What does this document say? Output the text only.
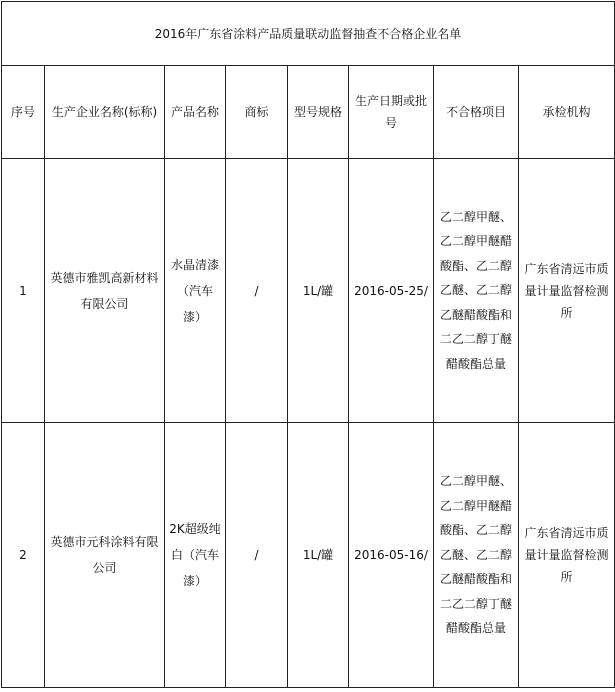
2016年广东省涂料产品质量联动监督抽查不合格企业名单							
序号	生产企业名称(标称)	产品名称	商标	型号规格	生产日期或批号	不合格项目	承检机构
1	英德市雅凯高新材料有限公司	水晶清漆（汽车漆）	/	1L/罐	2016-05-25/	乙二醇甲醚、乙二醇甲醚醋酸酯、乙二醇乙醚、乙二醇乙醚醋酸酯和二乙二醇丁醚醋酸酯总量	广东省清远市质量计量监督检测所
2	英德市元科涂料有限公司	2K超级纯白（汽车漆）	/	1L/罐	2016-05-16/	乙二醇甲醚、乙二醇甲醚醋酸酯、乙二醇乙醚、乙二醇乙醚醋酸酯和二乙二醇丁醚醋酸酯总量	广东省清远市质量计量监督检测所
